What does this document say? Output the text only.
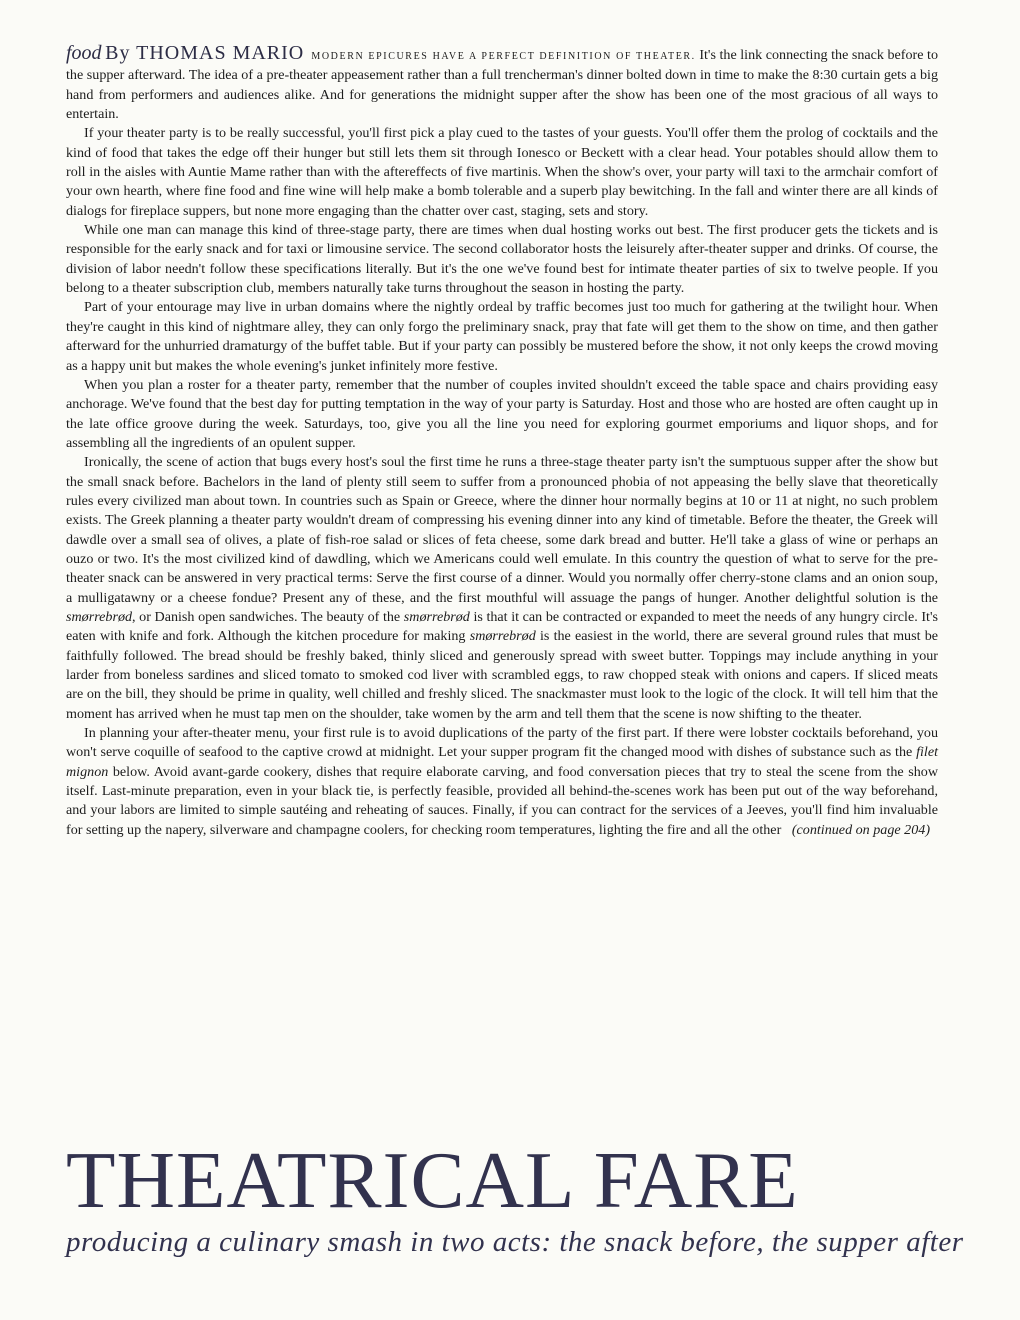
food By THOMAS MARIO MODERN EPICURES HAVE A PERFECT DEFINITION OF THEATER. It's the link connecting the snack before to the supper afterward. The idea of a pre-theater appeasement rather than a full trencherman's dinner bolted down in time to make the 8:30 curtain gets a big hand from performers and audiences alike. And for generations the midnight supper after the show has been one of the most gracious of all ways to entertain.

If your theater party is to be really successful, you'll first pick a play cued to the tastes of your guests. You'll offer them the prolog of cocktails and the kind of food that takes the edge off their hunger but still lets them sit through Ionesco or Beckett with a clear head. Your potables should allow them to roll in the aisles with Auntie Mame rather than with the aftereffects of five martinis. When the show's over, your party will taxi to the armchair comfort of your own hearth, where fine food and fine wine will help make a bomb tolerable and a superb play bewitching. In the fall and winter there are all kinds of dialogs for fireplace suppers, but none more engaging than the chatter over cast, staging, sets and story.

While one man can manage this kind of three-stage party, there are times when dual hosting works out best. The first producer gets the tickets and is responsible for the early snack and for taxi or limousine service. The second collaborator hosts the leisurely after-theater supper and drinks. Of course, the division of labor needn't follow these specifications literally. But it's the one we've found best for intimate theater parties of six to twelve people. If you belong to a theater subscription club, members naturally take turns throughout the season in hosting the party.

Part of your entourage may live in urban domains where the nightly ordeal by traffic becomes just too much for gathering at the twilight hour. When they're caught in this kind of nightmare alley, they can only forgo the preliminary snack, pray that fate will get them to the show on time, and then gather afterward for the unhurried dramaturgy of the buffet table. But if your party can possibly be mustered before the show, it not only keeps the crowd moving as a happy unit but makes the whole evening's junket infinitely more festive.

When you plan a roster for a theater party, remember that the number of couples invited shouldn't exceed the table space and chairs providing easy anchorage. We've found that the best day for putting temptation in the way of your party is Saturday. Host and those who are hosted are often caught up in the late office groove during the week. Saturdays, too, give you all the line you need for exploring gourmet emporiums and liquor shops, and for assembling all the ingredients of an opulent supper.

Ironically, the scene of action that bugs every host's soul the first time he runs a three-stage theater party isn't the sumptuous supper after the show but the small snack before. Bachelors in the land of plenty still seem to suffer from a pronounced phobia of not appeasing the belly slave that theoretically rules every civilized man about town. In countries such as Spain or Greece, where the dinner hour normally begins at 10 or 11 at night, no such problem exists. The Greek planning a theater party wouldn't dream of compressing his evening dinner into any kind of timetable. Before the theater, the Greek will dawdle over a small sea of olives, a plate of fish-roe salad or slices of feta cheese, some dark bread and butter. He'll take a glass of wine or perhaps an ouzo or two. It's the most civilized kind of dawdling, which we Americans could well emulate. In this country the question of what to serve for the pre-theater snack can be answered in very practical terms: Serve the first course of a dinner. Would you normally offer cherry-stone clams and an onion soup, a mulligatawny or a cheese fondue? Present any of these, and the first mouthful will assuage the pangs of hunger. Another delightful solution is the smørrebrød, or Danish open sandwiches. The beauty of the smørrebrød is that it can be contracted or expanded to meet the needs of any hungry circle. It's eaten with knife and fork. Although the kitchen procedure for making smørrebrød is the easiest in the world, there are several ground rules that must be faithfully followed. The bread should be freshly baked, thinly sliced and generously spread with sweet butter. Toppings may include anything in your larder from boneless sardines and sliced tomato to smoked cod liver with scrambled eggs, to raw chopped steak with onions and capers. If sliced meats are on the bill, they should be prime in quality, well chilled and freshly sliced. The snackmaster must look to the logic of the clock. It will tell him that the moment has arrived when he must tap men on the shoulder, take women by the arm and tell them that the scene is now shifting to the theater.

In planning your after-theater menu, your first rule is to avoid duplications of the party of the first part. If there were lobster cocktails beforehand, you won't serve coquille of seafood to the captive crowd at midnight. Let your supper program fit the changed mood with dishes of substance such as the filet mignon below. Avoid avant-garde cookery, dishes that require elaborate carving, and food conversation pieces that try to steal the scene from the show itself. Last-minute preparation, even in your black tie, is perfectly feasible, provided all behind-the-scenes work has been put out of the way beforehand, and your labors are limited to simple sautéing and reheating of sauces. Finally, if you can contract for the services of a Jeeves, you'll find him invaluable for setting up the napery, silverware and champagne coolers, for checking room temperatures, lighting the fire and all the other (continued on page 204)

THEATRICAL FARE

producing a culinary smash in two acts: the snack before, the supper after
